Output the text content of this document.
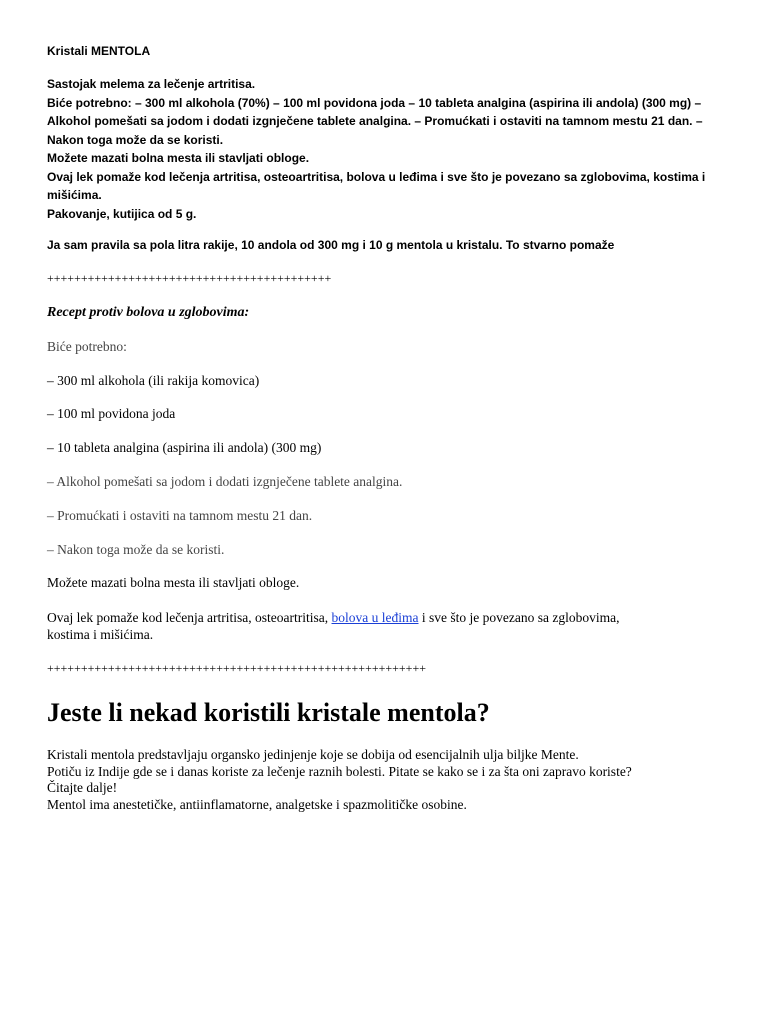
Kristali MENTOLA
Sastojak melema za lečenje artritisa.
Biće potrebno: – 300 ml alkohola (70%) – 100 ml povidona joda – 10 tableta analgina (aspirina ili andola) (300 mg) –
Alkohol pomešati sa jodom i dodati izgnječene tablete analgina. – Promućkati i ostaviti na tamnom mestu 21 dan. –
Nakon toga može da se koristi.
Možete mazati bolna mesta ili stavljati obloge.
Ovaj lek pomaže kod lečenja artritisa, osteoartritisa, bolova u leđima i sve što je povezano sa zglobovima, kostima i
mišićima.
Pakovanje, kutijica od 5 g.
Ja sam pravila sa pola litra rakije, 10 andola od 300 mg i 10 g mentola u kristalu. To stvarno pomaže
++++++++++++++++++++++++++++++++++++++++++
Recept protiv bolova u zglobovima:
Biće potrebno:
– 300 ml alkohola (ili rakija komovica)
– 100 ml povidona joda
– 10 tableta analgina (aspirina ili andola) (300 mg)
– Alkohol pomešati sa jodom i dodati izgnječene tablete analgina.
– Promućkati i ostaviti na tamnom mestu 21 dan.
– Nakon toga može da se koristi.
Možete mazati bolna mesta ili stavljati obloge.
Ovaj lek pomaže kod lečenja artritisa, osteoartritisa, bolova u leđima i sve što je povezano sa zglobovima,
kostima i mišićima.
++++++++++++++++++++++++++++++++++++++++++++++++++++++++
Jeste li nekad koristili kristale mentola?
Kristali mentola predstavljaju organsko jedinjenje koje se dobija od esencijalnih ulja biljke Mente.
Potiču iz Indije gde se i danas koriste za lečenje raznih bolesti. Pitate se kako se i za šta oni zapravo koriste?
Čitajte dalje!
Mentol ima anestetičke, antiinflamatorne, analgetske i spazmolitičke osobine.
